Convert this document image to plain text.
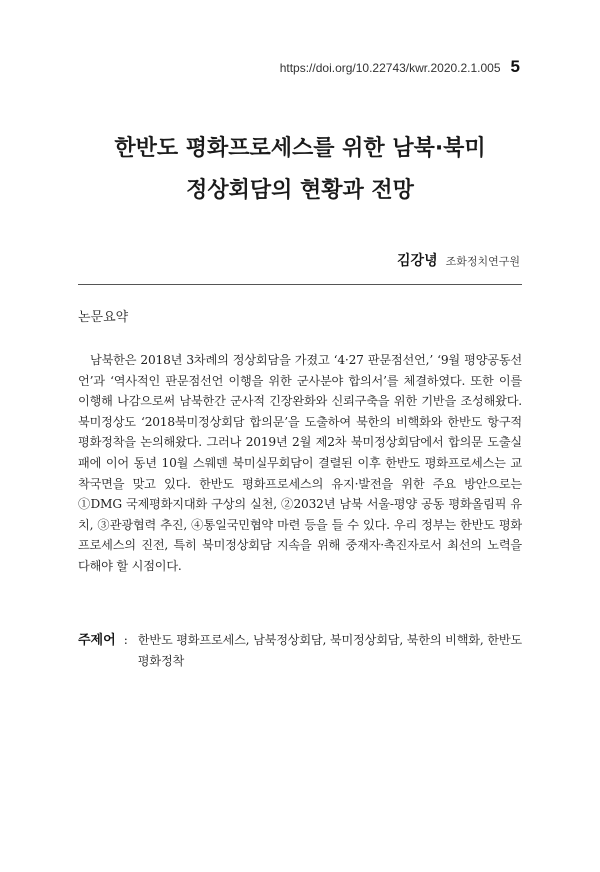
https://doi.org/10.22743/kwr.2020.2.1.005 5
한반도 평화프로세스를 위한 남북·북미
정상회담의 현황과 전망
김강녕 조화정치연구원
논문요약

남북한은 2018년 3차례의 정상회담을 가졌고 ‘4·27 판문점선언,’ ‘9월 평양공동선언’과 ‘역사적인 판문점선언 이행을 위한 군사분야 합의서’를 체결하였다. 또한 이를 이행해 나감으로써 남북한간 군사적 긴장완화와 신뢰구축을 위한 기반을 조성해왔다. 북미정상도 ‘2018북미정상회담 합의문’을 도출하여 북한의 비핵화와 한반도 항구적 평화정착을 논의해왔다. 그러나 2019년 2월 제2차 북미정상회담에서 합의문 도출실패에 이어 동년 10월 스웨덴 북미실무회담이 결렬된 이후 한반도 평화프로세스는 교착국면을 맞고 있다. 한반도 평화프로세스의 유지·발전을 위한 주요 방안으로는 ①DMG 국제평화지대화 구상의 실천, ②2032년 남북 서울-평양 공동 평화올림픽 유치, ③관광협력 추진, ④통일국민협약 마련 등을 들 수 있다. 우리 정부는 한반도 평화프로세스의 진전, 특히 북미정상회담 지속을 위해 중재자·촉진자로서 최선의 노력을 다해야 할 시점이다.

주제어 : 한반도 평화프로세스, 남북정상회담, 북미정상회담, 북한의 비핵화, 한반도 평화정착
